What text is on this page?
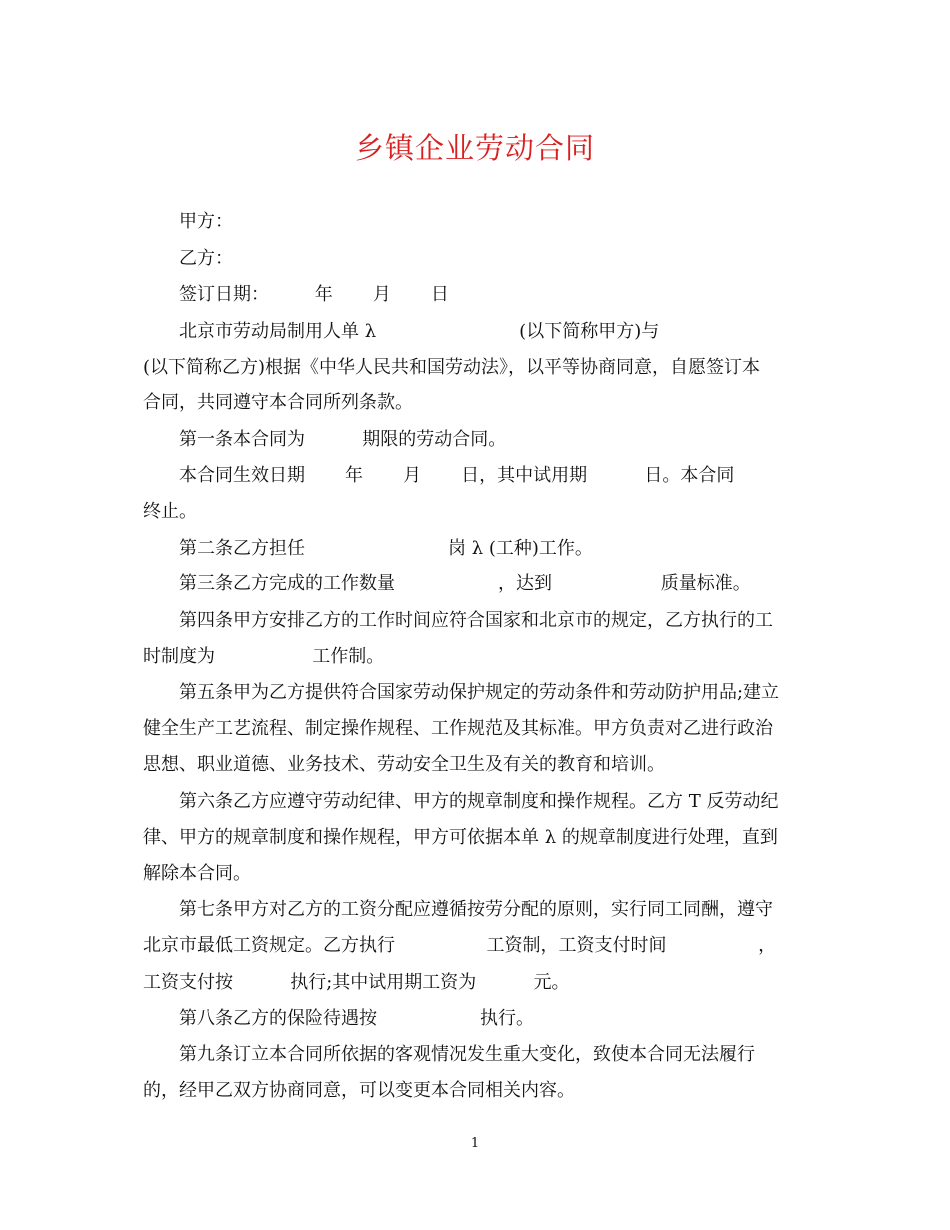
乡镇企业劳动合同
甲方：
乙方：
签订日期：        年       月       日
北京市劳动局制用人单 λ                         (以下简称甲方)与
(以下简称乙方)根据《中华人民共和国劳动法》，以平等协商同意，自愿签订本
合同，共同遵守本合同所列条款。
第一条本合同为          期限的劳动合同。
本合同生效日期       年       月       日，其中试用期          日。本合同
终止。
第二条乙方担任                         岗 λ (工种)工作。
第三条乙方完成的工作数量                  ，达到                   质量标准。
第四条甲方安排乙方的工作时间应符合国家和北京市的规定，乙方执行的工
时制度为                 工作制。
第五条甲为乙方提供符合国家劳动保护规定的劳动条件和劳动防护用品;建立
健全生产工艺流程、制定操作规程、工作规范及其标准。甲方负责对乙进行政治
思想、职业道德、业务技术、劳动安全卫生及有关的教育和培训。
第六条乙方应遵守劳动纪律、甲方的规章制度和操作规程。乙方 Τ 反劳动纪
律、甲方的规章制度和操作规程，甲方可依据本单 λ 的规章制度进行处理，直到
解除本合同。
第七条甲方对乙方的工资分配应遵循按劳分配的原则，实行同工同酬，遵守
北京市最低工资规定。乙方执行                工资制，工资支付时间                ，
工资支付按          执行;其中试用期工资为          元。
第八条乙方的保险待遇按                  执行。
第九条订立本合同所依据的客观情况发生重大变化，致使本合同无法履行
的，经甲乙双方协商同意，可以变更本合同相关内容。
1
